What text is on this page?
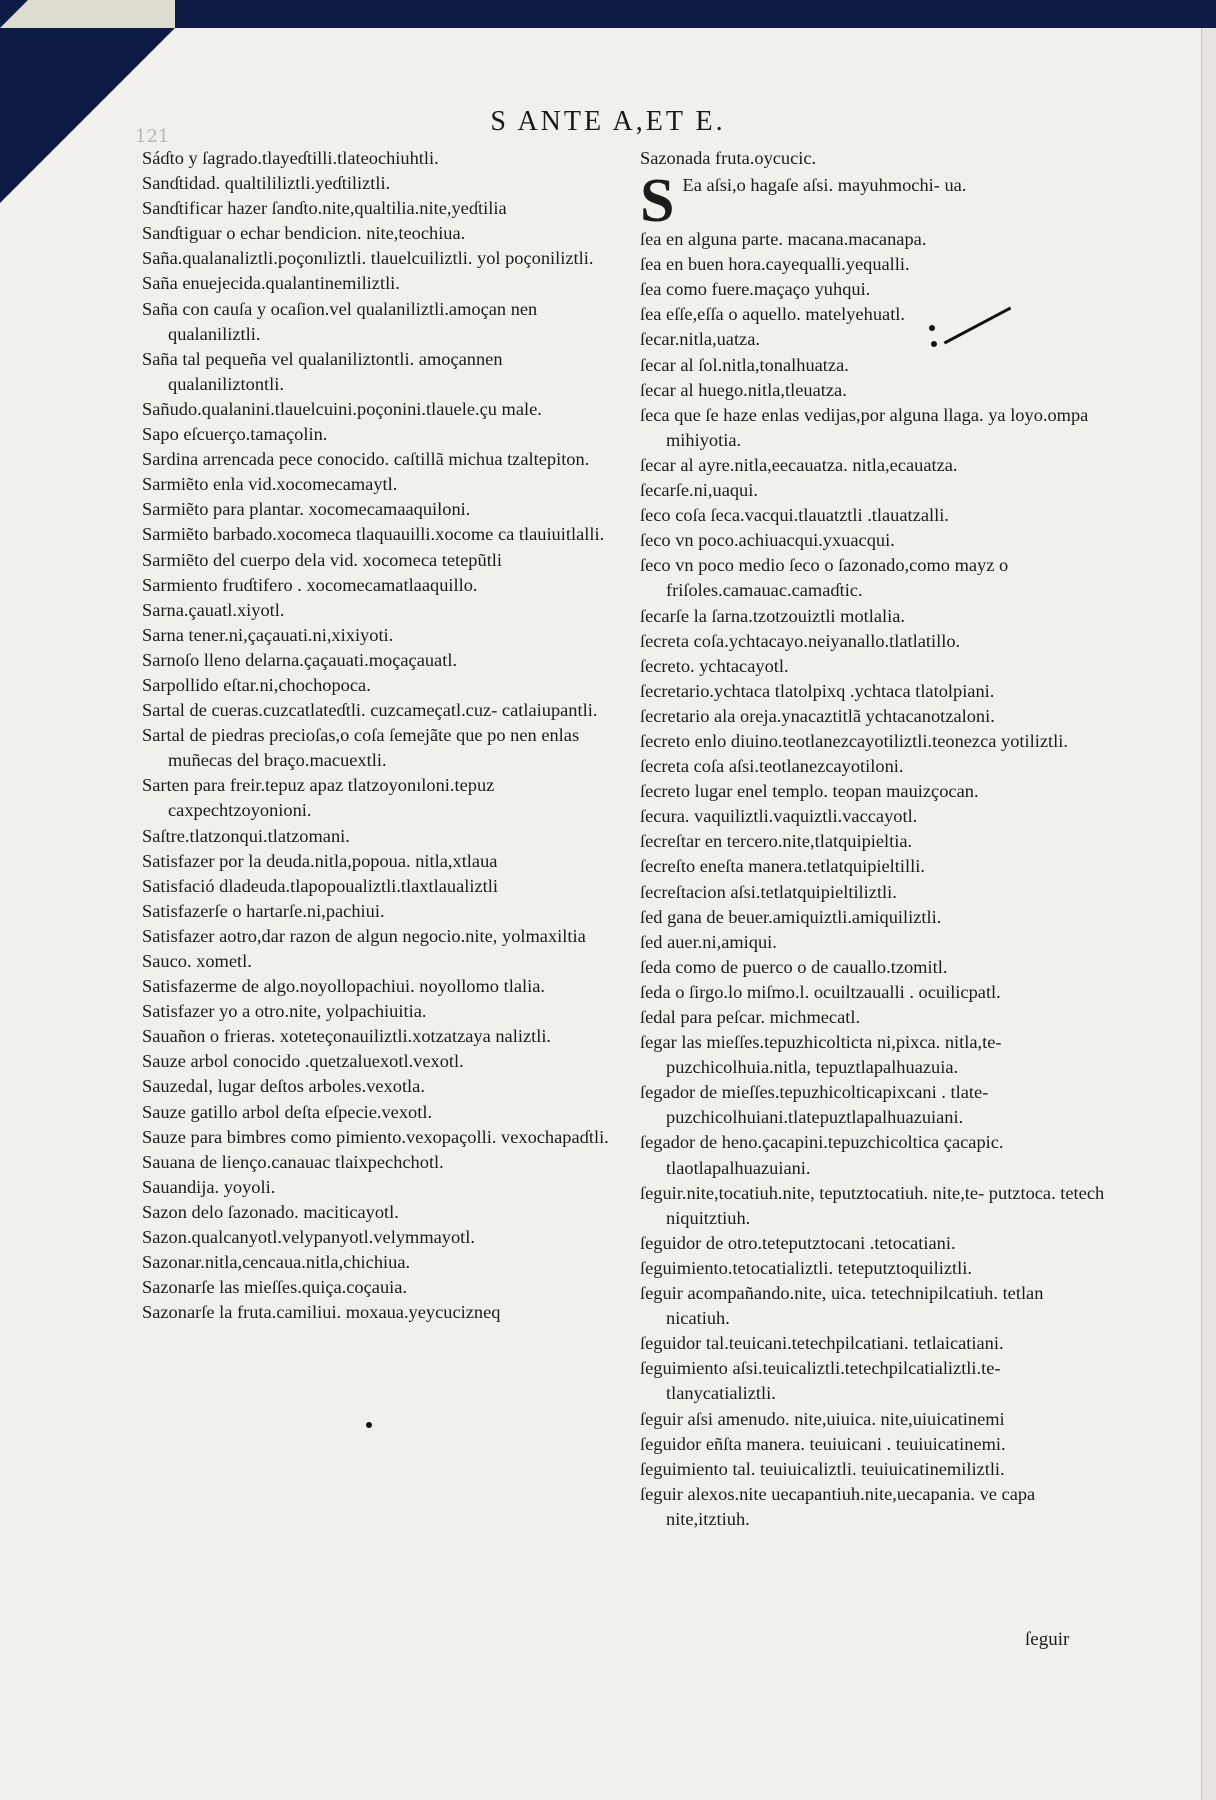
121	S ANTE A,ET E.
Sáɗto y ſagrado.tlayeɗtilli.tlateochiuhtli.
Sanɗtidad. qualtililiztli.yeɗtiliztli.
Sanɗtificar hazer ſanɗto.nite,qualtilia.nite,yeɗtilia
Sanɗtiguar o echar bendicion. nite,teochiua.
Saña.qualanaliztli.poçonıliztli. tlauelcuiliztli. yol poçoniliztli.
Saña enuejecida.qualantinemiliztli.
Saña con cauſa y ocaſion.vel qualaniliztli.amoçan nen qualaniliztli.
Saña tal pequeña vel qualaniliztontli. amoçannen qualaniliztontli.
Sañudo.qualanini.tlauelcuini.poçonini.tlauele.çu male.
Sapo eſcuerço.tamaçolin.
Sardina arrencada pece conocido. caſtillã michua tzaltepiton.
Sarmiẽto enla vid.xocomecamaytl.
Sarmiẽto para plantar. xocomecamaaquiloni.
Sarmiẽto barbado.xocomeca tlaquauilli.xocome ca tlauiuitlalli.
Sarmiẽto del cuerpo dela vid. xocomeca tetepũtli
Sarmiento fruɗtifero . xocomecamatlaaquillo.
Sarna.çauatl.xiyotl.
Sarna tener.ni,çaçauati.ni,xixiyoti.
Sarnoſo lleno delarna.çaçauati.moçaçauatl.
Sarpollido eſtar.ni,chochopoca.
Sartal de cueras.cuzcatlateɗtli. cuzcameçatl.cuz- catlaiupantli.
Sartal de piedras precioſas,o coſa ſemejãte que po nen enlas muñecas del braço.macuextli.
Sarten para freir.tepuz apaz tlatzoyonıloni.tepuz caxpechtzoyonioni.
Saſtre.tlatzonqui.tlatzomani.
Satisfazer por la deuda.nitla,popoua. nitla,xtlaua
Satisfació dladeuda.tlapopoualiztli.tlaxtlaualiztli
Satisfazerſe o hartarſe.ni,pachiui.
Satisfazer aotro,dar razon de algun negocio.nite, yolmaxiltia
Sauco. xometl.
Satisfazerme de algo.noyollopachiui. noyollomo tlalia.
Satisfazer yo a otro.nite, yolpachiuitia.
Sauañon o frieras. xoteteçonauiliztli.xotzatzaya naliztli.
Sauze arbol conocido .quetzaluexotl.vexotl.
Sauzedal, lugar deſtos arboles.vexotla.
Sauze gatillo arbol deſta eſpecie.vexotl.
Sauze para bimbres como pimiento.vexopaçolli. vexochapaɗtli.
Sauana de lienço.canauac tlaixpechchotl.
Sauandija. yoyoli.
Sazon delo ſazonado. maciticayotl.
Sazon.qualcanyotl.velypanyotl.velymmayotl.
Sazonar.nitla,cencaua.nitla,chichiua.
Sazonarſe las mieſſes.quiça.coçauia.
Sazonarſe la fruta.camiliui. moxaua.yeycucizneq
Sazonada fruta.oycucic.
S Ea aſsi,o hagaſe aſsi. mayuhmochi- ua.
ſea en alguna parte. macana.macanapa.
ſea en buen hora.cayequalli.yequalli.
ſea como fuere.maçaço yuhqui.
ſea eſſe,eſſa o aquello. matelyehuatl.
ſecar.nitla,uatza.
ſecar al ſol.nitla,tonalhuatza.
ſecar al huego.nitla,tleuatza.
ſeca que ſe haze enlas vedijas,por alguna llaga. ya loyo.ompa mihiyotia.
ſecar al ayre.nitla,eecauatza. nitla,ecauatza.
ſecarſe.ni,uaqui.
ſeco coſa ſeca.vacqui.tlauatztli .tlauatzalli.
ſeco vn poco.achiuacqui.yxuacqui.
ſeco vn poco medio ſeco o ſazonado,como mayz o friſoles.camauac.camaɗtic.
ſecarſe la ſarna.tzotzouiztli motlalia.
ſecreta coſa.ychtacayo.neiyanallo.tlatlatillo.
ſecreto. ychtacayotl.
ſecretario.ychtaca tlatolpixq .ychtaca tlatolpiani.
ſecretario ala oreja.ynacaztitlã ychtacanotzaloni.
ſecreto enlo diuino.teotlanezcayotiliztli.teonezca yotiliztli.
ſecreta coſa aſsi.teotlanezcayotiloni.
ſecreto lugar enel templo. teopan mauizçocan.
ſecura. vaquiliztli.vaquiztli.vaccayotl.
ſecreſtar en tercero.nite,tlatquipieltia.
ſecreſto eneſta manera.tetlatquipieltilli.
ſecreſtacion aſsi.tetlatquipieltiliztli.
ſed gana de beuer.amiquiztli.amiquiliztli.
ſed auer.ni,amiqui.
ſeda como de puerco o de cauallo.tzomitl.
ſeda o ſirgo.lo miſmo.l. ocuiltzaualli . ocuilicpatl.
ſedal para peſcar. michmecatl.
ſegar las mieſſes.tepuzhicolticta ni,pixca. nitla,te- puzchicolhuia.nitla, tepuztlapalhuazuia.
ſegador de mieſſes.tepuzhicolticapixcani . tlate- puzchicolhuiani.tlatepuztlapalhuazuiani.
ſegador de heno.çacapini.tepuzchicoltica çacapic. tlaotlapalhuazuiani.
ſeguir.nite,tocatiuh.nite, teputztocatiuh. nite,te- putztoca. tetech niquitztiuh.
ſeguidor de otro.teteputztocani .tetocatiani.
ſeguimiento.tetocatializtli. teteputztoquiliztli.
ſeguir acompañando.nite, uica. tetechnipilcatiuh. tetlan nicatiuh.
ſeguidor tal.teuicani.tetechpilcatiani. tetlaicatiani.
ſeguimiento aſsi.teuicaliztli.tetechpilcatializtli.te- tlanycatializtli.
ſeguir aſsi amenudo. nite,uiuica. nite,uiuicatinemi
ſeguidor eñſta manera. teuiuicani . teuiuicatinemi.
ſeguimiento tal. teuiuicaliztli. teuiuicatinemiliztli.
ſeguir alexos.nite uecapantiuh.nite,uecapania. ve capa nite,itztiuh.
ſeguir
